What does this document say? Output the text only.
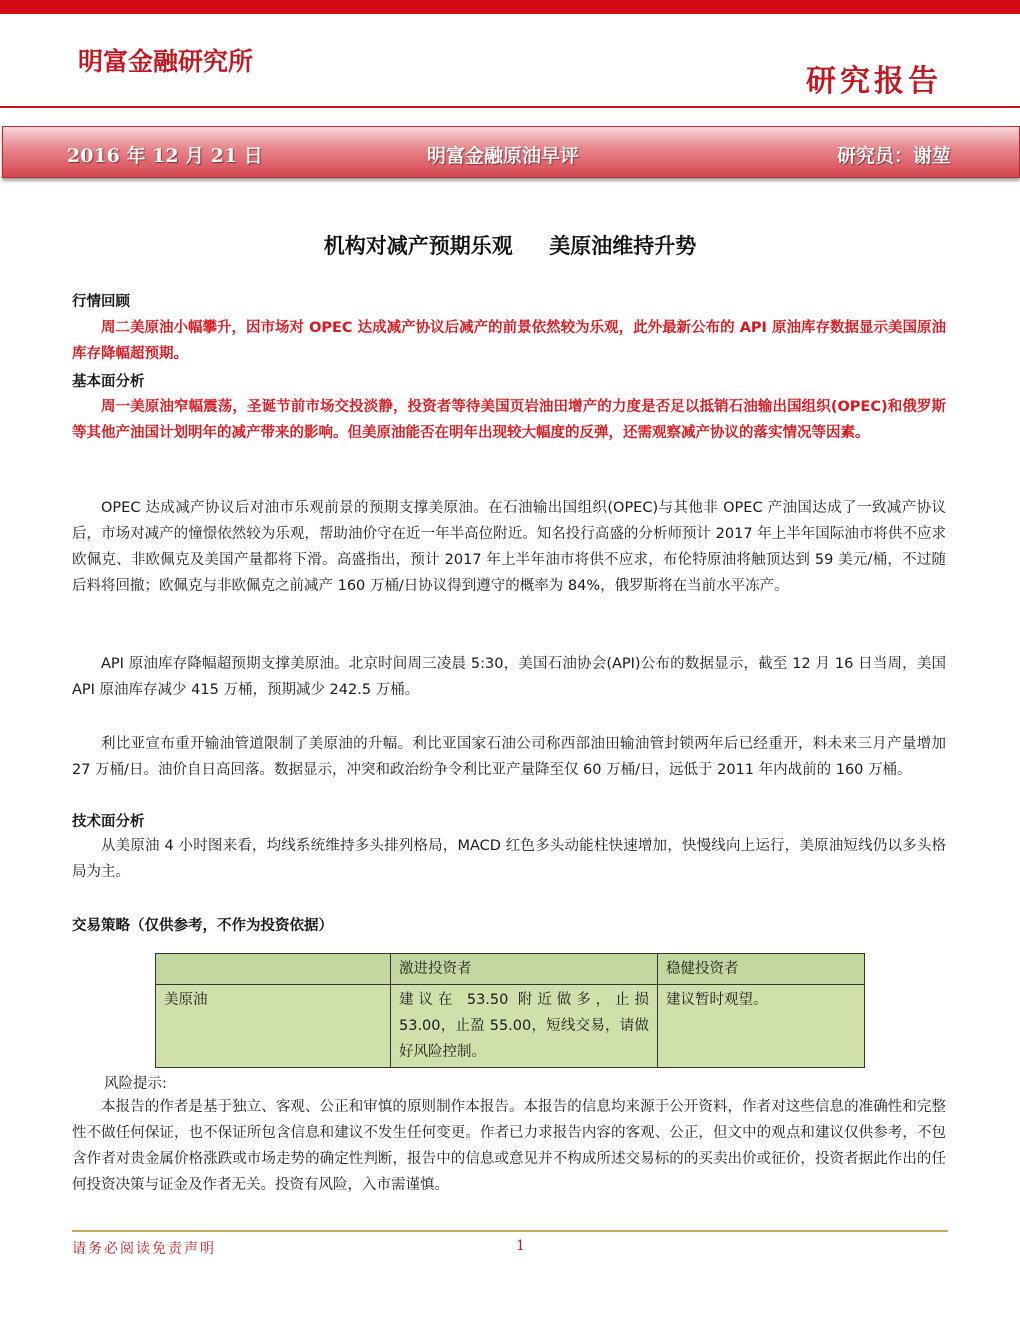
明富金融研究所
研究报告
2016 年 12 月 21 日	明富金融原油早评	研究员：谢堃
机构对减产预期乐观     美原油维持升势
行情回顾

周二美原油小幅攀升，因市场对 OPEC 达成减产协议后减产的前景依然较为乐观，此外最新公布的 API 原油库存数据显示美国原油库存降幅超预期。

基本面分析

周一美原油窄幅震荡，圣诞节前市场交投淡静，投资者等待美国页岩油田增产的力度是否足以抵销石油输出国组织(OPEC)和俄罗斯等其他产油国计划明年的减产带来的影响。但美原油能否在明年出现较大幅度的反弹，还需观察减产协议的落实情况等因素。

OPEC 达成减产协议后对油市乐观前景的预期支撑美原油。在石油输出国组织(OPEC)与其他非 OPEC 产油国达成了一致减产协议后，市场对减产的憧憬依然较为乐观，帮助油价守在近一年半高位附近。知名投行高盛的分析师预计 2017 年上半年国际油市将供不应求 欧佩克、非欧佩克及美国产量都将下滑。高盛指出，预计 2017 年上半年油市将供不应求，布伦特原油将触顶达到 59 美元/桶，不过随后料将回撤；欧佩克与非欧佩克之前减产 160 万桶/日协议得到遵守的概率为 84%，俄罗斯将在当前水平冻产。

API 原油库存降幅超预期支撑美原油。北京时间周三凌晨 5:30，美国石油协会(API)公布的数据显示，截至 12 月 16 日当周，美国 API 原油库存减少 415 万桶，预期减少 242.5 万桶。

利比亚宣布重开输油管道限制了美原油的升幅。利比亚国家石油公司称西部油田输油管封锁两年后已经重开，料未来三月产量增加 27 万桶/日。油价自日高回落。数据显示，冲突和政治纷争令利比亚产量降至仅 60 万桶/日，远低于 2011 年内战前的 160 万桶。

技术面分析

从美原油 4 小时图来看，均线系统维持多头排列格局，MACD 红色多头动能柱快速增加，快慢线向上运行，美原油短线仍以多头格局为主。

交易策略（仅供参考，不作为投资依据）
	激进投资者	稳健投资者
美原油	建议在 53.50 附近做多，止损 53.00，止盈 55.00，短线交易，请做好风险控制。	建议暂时观望。
风险提示:

本报告的作者是基于独立、客观、公正和审慎的原则制作本报告。本报告的信息均来源于公开资料，作者对这些信息的准确性和完整性不做任何保证，也不保证所包含信息和建议不发生任何变更。作者已力求报告内容的客观、公正，但文中的观点和建议仅供参考，不包含作者对贵金属价格涨跌或市场走势的确定性判断，报告中的信息或意见并不构成所述交易标的的买卖出价或征价，投资者据此作出的任何投资决策与证金及作者无关。投资有风险，入市需谨慎。

请务必阅读免责声明	1
